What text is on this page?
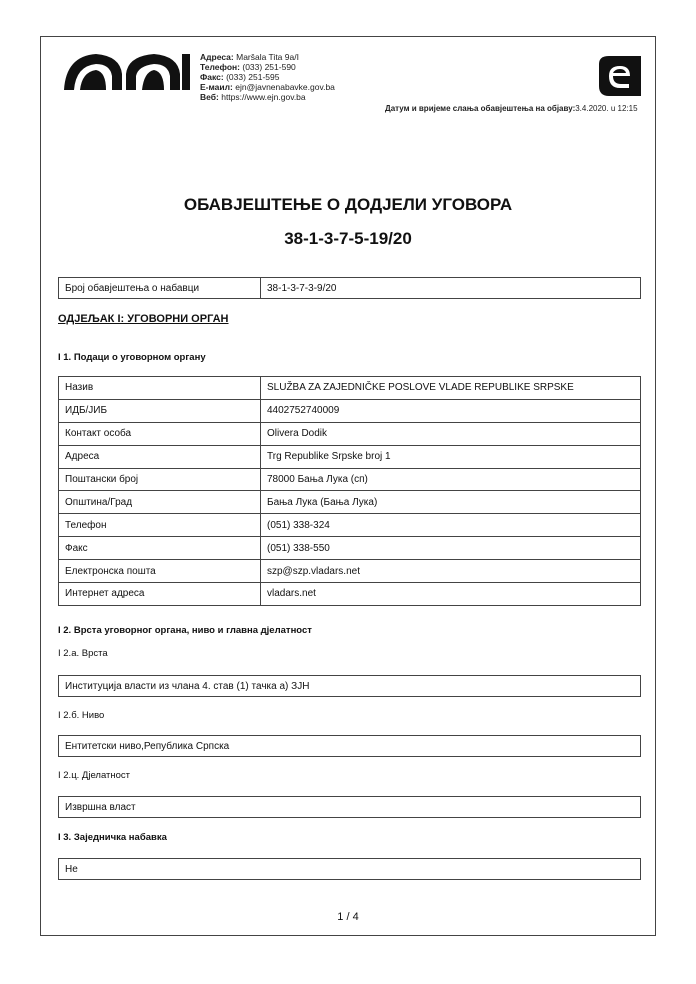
Адреса: Maršala Tita 9a/I
Телефон: (033) 251-590
Факс: (033) 251-595
E-маил: ejn@javnenabavke.gov.ba
Веб: https://www.ejn.gov.ba
Датум и вријеме слања обавјештења на објаву:3.4.2020. u 12:15
ОБАВЈЕШТЕЊЕ О ДОДЈЕЛИ УГОВОРА
38-1-3-7-5-19/20
Број обавјештења о набавци	38-1-3-7-3-9/20
ОДЈЕЉАК I: УГОВОРНИ ОРГАН
I 1. Подаци о уговорном органу
Назив	SLUŽBA ZA ZAJEDNIČKE POSLOVE VLADE REPUBLIKE SRPSKE
ИДБ/ЈИБ	4402752740009
Контакт особа	Olivera Dodik
Адреса	Trg Republike Srpske broj 1
Поштански број	78000 Бања Лука (сп)
Општина/Град	Бања Лука (Бања Лука)
Телефон	(051) 338-324
Факс	(051) 338-550
Електронска пошта	szp@szp.vladars.net
Интернет адреса	vladars.net
I 2. Врста уговорног органа, ниво и главна дјелатност
I 2.а. Врста
Институција власти из члана 4. став (1) тачка а) ЗЈН
I 2.б. Ниво
Ентитетски ниво,Република Српска
I 2.ц. Дјелатност
Извршна власт
I 3. Заједничка набавка
Не
1 / 4
